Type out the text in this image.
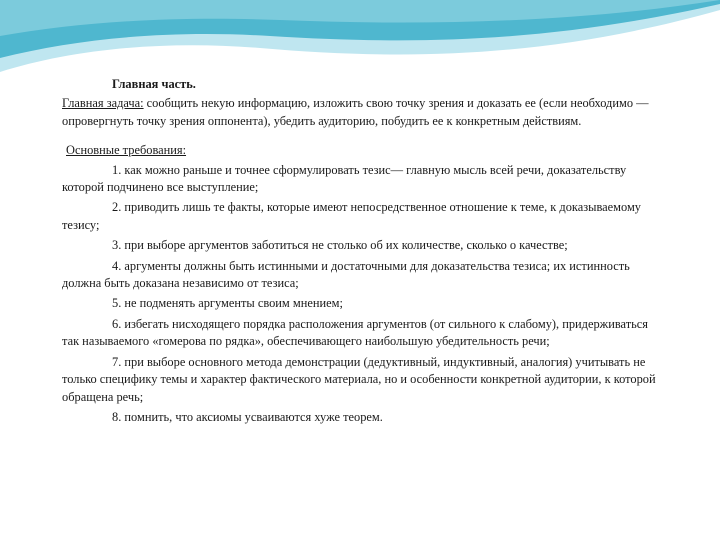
Главная часть.

Главная задача: сообщить некую информацию, изложить свою точку зрения и доказать ее (если необходимо — опровергнуть точку зрения оппонента), убедить аудиторию, побудить ее к конкретным действиям.

Основные требования:

1. как можно раньше и точнее сформулировать тезис— главную мысль всей речи, доказательству которой подчинено все выступление;

2. приводить лишь те факты, которые имеют непосредственное отношение к теме, к доказываемому тезису;

3. при выборе аргументов заботиться не столько об их количестве, сколько о качестве;

4. аргументы должны быть истинными и достаточными для доказательства тезиса; их истинность должна быть доказана независимо от тезиса;

5. не подменять аргументы своим мнением;

6. избегать нисходящего порядка расположения аргументов (от сильного к слабому), придерживаться так называемого «гомерова по рядка», обеспечивающего наибольшую убедительность речи;

7. при выборе основного метода демонстрации (дедуктивный, индуктивный, аналогия) учитывать не только специфику темы и характер фактического материала, но и особенности конкретной аудитории, к которой обращена речь;

8. помнить, что аксиомы усваиваются хуже теорем.
